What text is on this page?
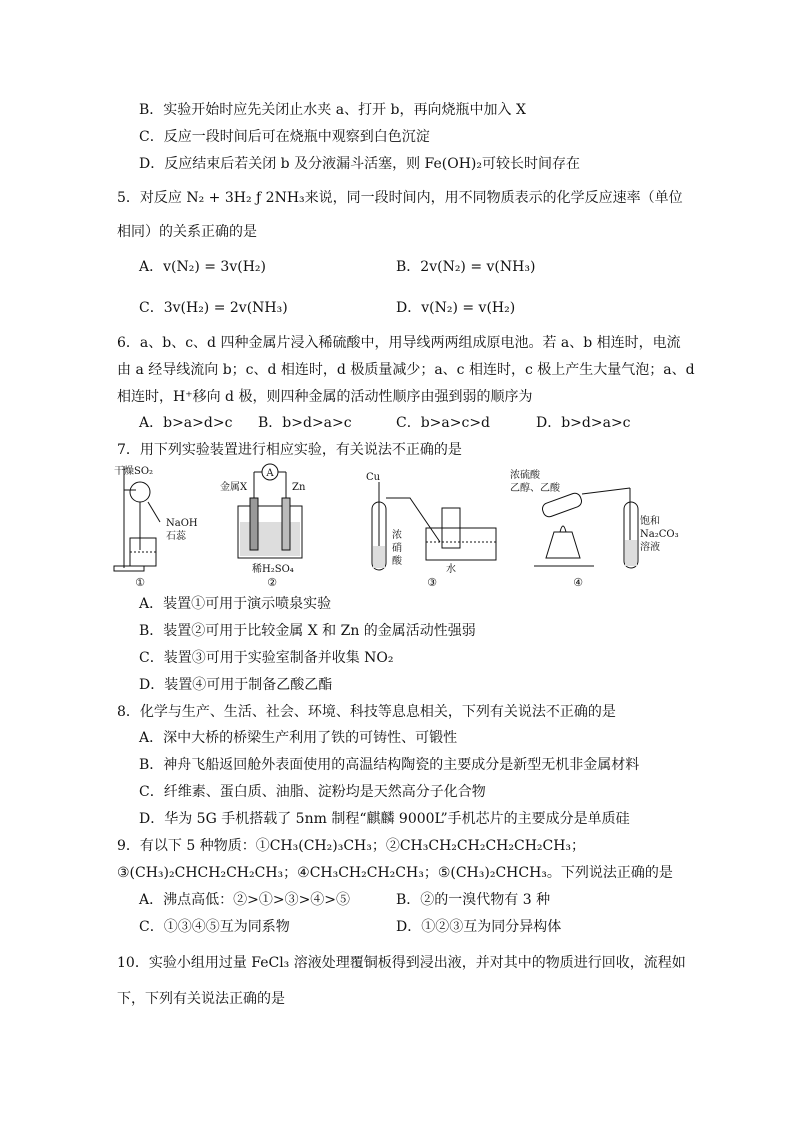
B．实验开始时应先关闭止水夹 a、打开 b，再向烧瓶中加入 X
C．反应一段时间后可在烧瓶中观察到白色沉淀
D．反应结束后若关闭 b 及分液漏斗活塞，则 Fe(OH)₂可较长时间存在
5．对反应 N₂ + 3H₂ ƒ 2NH₃来说，同一段时间内，用不同物质表示的化学反应速率（单位
相同）的关系正确的是
A．v(N₂) = 3v(H₂)	B．2v(N₂) = v(NH₃)
C．3v(H₂) = 2v(NH₃)	D．v(N₂) = v(H₂)
6．a、b、c、d 四种金属片浸入稀硫酸中，用导线两两组成原电池。若 a、b 相连时，电流
由 a 经导线流向 b；c、d 相连时，d 极质量减少；a、c 相连时，c 极上产生大量气泡；a、d
相连时，H⁺移向 d 极，则四种金属的活动性顺序由强到弱的顺序为
A．b>a>d>c B．b>d>a>c	C．b>a>c>d	D．b>d>a>c
7．用下列实验装置进行相应实验，有关说法不正确的是
干燥SO₂
NaOH
石蕊
①
A
金属X	Zn
稀H₂SO₄
②
Cu
浓
硝
酸
水
③
浓硫酸
乙醇、乙酸
饱和
Na₂CO₃
溶液
④
A．装置①可用于演示喷泉实验
B．装置②可用于比较金属 X 和 Zn 的金属活动性强弱
C．装置③可用于实验室制备并收集 NO₂
D．装置④可用于制备乙酸乙酯
8．化学与生产、生活、社会、环境、科技等息息相关，下列有关说法不正确的是
A．深中大桥的桥梁生产利用了铁的可铸性、可锻性
B．神舟飞船返回舱外表面使用的高温结构陶瓷的主要成分是新型无机非金属材料
C．纤维素、蛋白质、油脂、淀粉均是天然高分子化合物
D．华为 5G 手机搭载了 5nm 制程“麒麟 9000L”手机芯片的主要成分是单质硅
9．有以下 5 种物质：①CH₃(CH₂)₃CH₃；②CH₃CH₂CH₂CH₂CH₂CH₃；
③(CH₃)₂CHCH₂CH₂CH₃；④CH₃CH₂CH₂CH₃；⑤(CH₃)₂CHCH₃。下列说法正确的是
A．沸点高低：②>①>③>④>⑤	B．②的一溴代物有 3 种
C．①③④⑤互为同系物	D．①②③互为同分异构体
10．实验小组用过量 FeCl₃ 溶液处理覆铜板得到浸出液，并对其中的物质进行回收，流程如
下，下列有关说法正确的是
